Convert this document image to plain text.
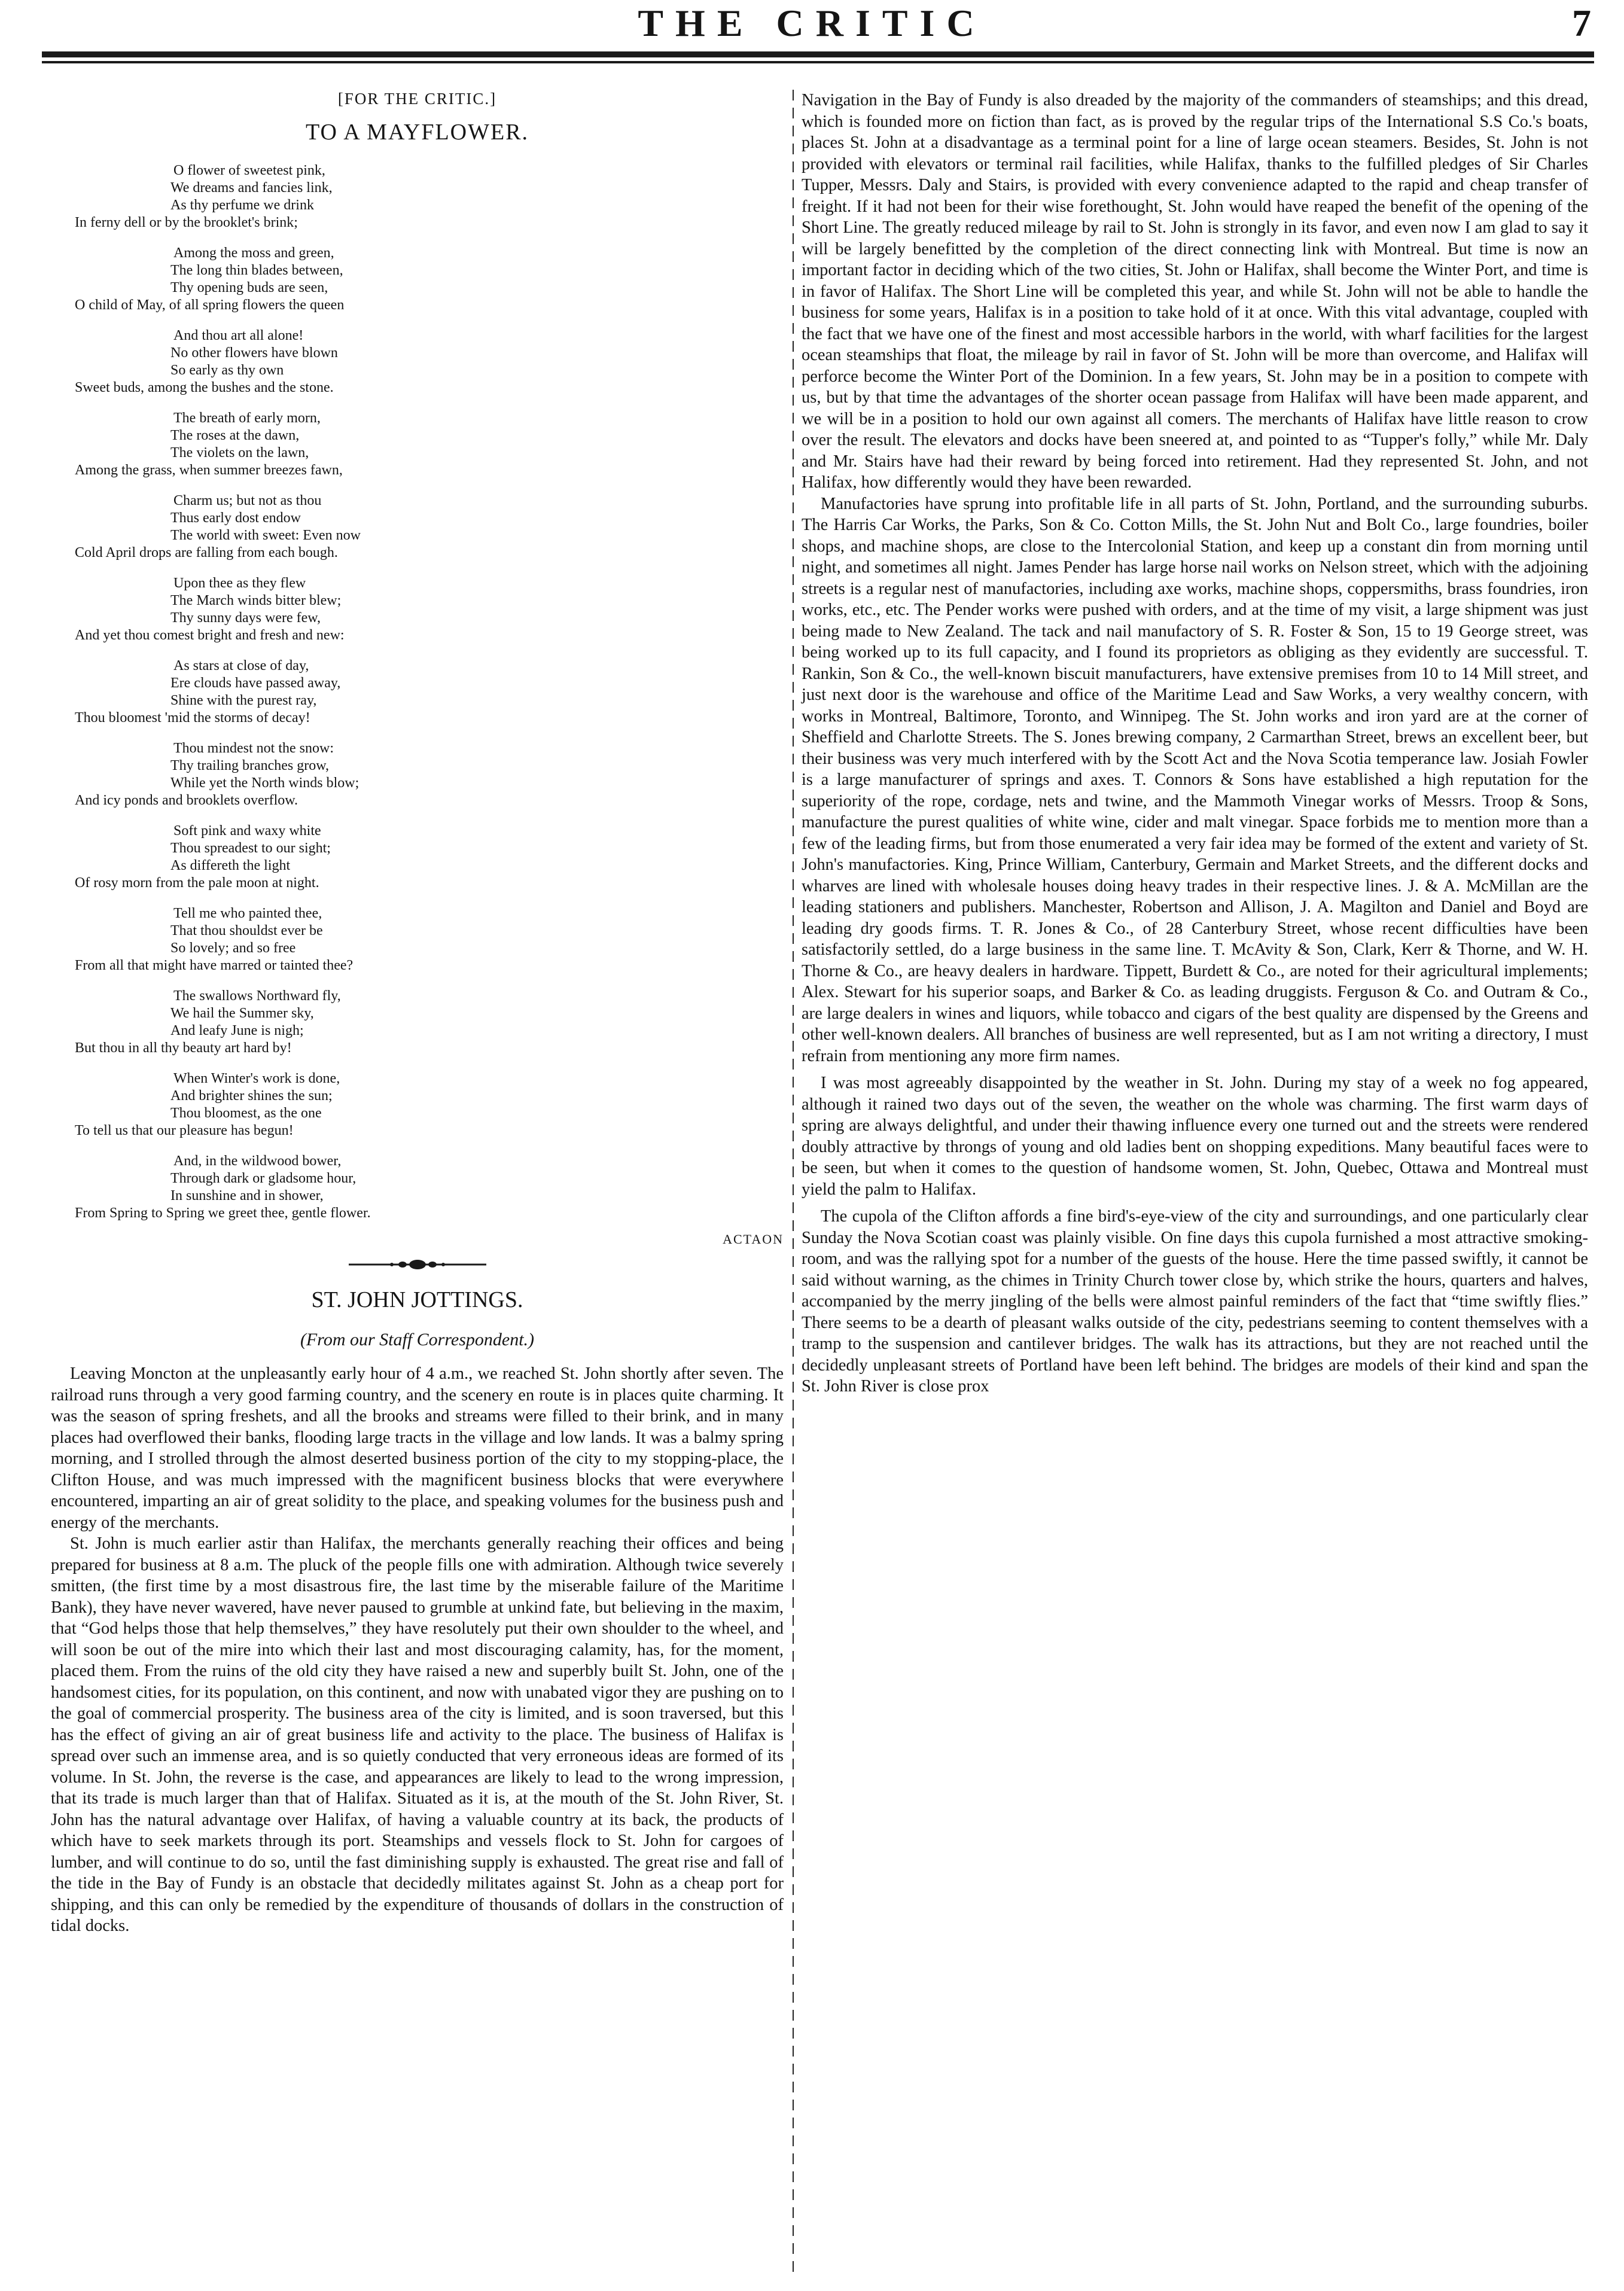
THE CRITIC	7
[FOR THE CRITIC.]
TO A MAYFLOWER.
O flower of sweetest pink,
We dreams and fancies link,
As thy perfume we drink
In ferny dell or by the brooklet's brink;
Among the moss and green,
The long thin blades between,
Thy opening buds are seen,
O child of May, of all spring flowers the queen
And thou art all alone!
No other flowers have blown
So early as thy own
Sweet buds, among the bushes and the stone.
The breath of early morn,
The roses at the dawn,
The violets on the lawn,
Among the grass, when summer breezes fawn,
Charm us; but not as thou
Thus early dost endow
The world with sweet: Even now
Cold April drops are falling from each bough.
Upon thee as they flew
The March winds bitter blew;
Thy sunny days were few,
And yet thou comest bright and fresh and new:
As stars at close of day,
Ere clouds have passed away,
Shine with the purest ray,
Thou bloomest 'mid the storms of decay!
Thou mindest not the snow:
Thy trailing branches grow,
While yet the North winds blow;
And icy ponds and brooklets overflow.
Soft pink and waxy white
Thou spreadest to our sight;
As differeth the light
Of rosy morn from the pale moon at night.
Tell me who painted thee,
That thou shouldst ever be
So lovely; and so free
From all that might have marred or tainted thee?
The swallows Northward fly,
We hail the Summer sky,
And leafy June is nigh;
But thou in all thy beauty art hard by!
When Winter's work is done,
And brighter shines the sun;
Thou bloomest, as the one
To tell us that our pleasure has begun!
And, in the wildwood bower,
Through dark or gladsome hour,
In sunshine and in shower,
From Spring to Spring we greet thee, gentle flower.
ACTAON
ST. JOHN JOTTINGS.
(From our Staff Correspondent.)

Leaving Moncton at the unpleasantly early hour of 4 a.m., we reached St. John shortly after seven. The railroad runs through a very good farming country, and the scenery en route is in places quite charming. It was the season of spring freshets, and all the brooks and streams were filled to their brink, and in many places had overflowed their banks, flooding large tracts in the village and low lands. It was a balmy spring morning, and I strolled through the almost deserted business portion of the city to my stopping-place, the Clifton House, and was much impressed with the magnificent business blocks that were everywhere encountered, imparting an air of great solidity to the place, and speaking volumes for the business push and energy of the merchants.

St. John is much earlier astir than Halifax, the merchants generally reaching their offices and being prepared for business at 8 a.m. The pluck of the people fills one with admiration. Although twice severely smitten, (the first time by a most disastrous fire, the last time by the miserable failure of the Maritime Bank), they have never wavered, have never paused to grumble at unkind fate, but believing in the maxim, that “God helps those that help themselves,” they have resolutely put their own shoulder to the wheel, and will soon be out of the mire into which their last and most discouraging calamity, has, for the moment, placed them. From the ruins of the old city they have raised a new and superbly built St. John, one of the handsomest cities, for its population, on this continent, and now with unabated vigor they are pushing on to the goal of commercial prosperity. The business area of the city is limited, and is soon traversed, but this has the effect of giving an air of great business life and activity to the place. The business of Halifax is spread over such an immense area, and is so quietly conducted that very erroneous ideas are formed of its volume. In St. John, the reverse is the case, and appearances are likely to lead to the wrong impression, that its trade is much larger than that of Halifax. Situated as it is, at the mouth of the St. John River, St. John has the natural advantage over Halifax, of having a valuable country at its back, the products of which have to seek markets through its port. Steamships and vessels flock to St. John for cargoes of lumber, and will continue to do so, until the fast diminishing supply is exhausted. The great rise and fall of the tide in the Bay of Fundy is an obstacle that decidedly militates against St. John as a cheap port for shipping, and this can only be remedied by the expenditure of thousands of dollars in the construction of tidal docks.

Navigation in the Bay of Fundy is also dreaded by the majority of the commanders of steamships; and this dread, which is founded more on fiction than fact, as is proved by the regular trips of the International S.S Co.'s boats, places St. John at a disadvantage as a terminal point for a line of large ocean steamers. Besides, St. John is not provided with elevators or terminal rail facilities, while Halifax, thanks to the fulfilled pledges of Sir Charles Tupper, Messrs. Daly and Stairs, is provided with every convenience adapted to the rapid and cheap transfer of freight. If it had not been for their wise forethought, St. John would have reaped the benefit of the opening of the Short Line. The greatly reduced mileage by rail to St. John is strongly in its favor, and even now I am glad to say it will be largely benefitted by the completion of the direct connecting link with Montreal. But time is now an important factor in deciding which of the two cities, St. John or Halifax, shall become the Winter Port, and time is in favor of Halifax. The Short Line will be completed this year, and while St. John will not be able to handle the business for some years, Halifax is in a position to take hold of it at once. With this vital advantage, coupled with the fact that we have one of the finest and most accessible harbors in the world, with wharf facilities for the largest ocean steamships that float, the mileage by rail in favor of St. John will be more than overcome, and Halifax will perforce become the Winter Port of the Dominion. In a few years, St. John may be in a position to compete with us, but by that time the advantages of the shorter ocean passage from Halifax will have been made apparent, and we will be in a position to hold our own against all comers. The merchants of Halifax have little reason to crow over the result. The elevators and docks have been sneered at, and pointed to as “Tupper's folly,” while Mr. Daly and Mr. Stairs have had their reward by being forced into retirement. Had they represented St. John, and not Halifax, how differently would they have been rewarded.

Manufactories have sprung into profitable life in all parts of St. John, Portland, and the surrounding suburbs. The Harris Car Works, the Parks, Son & Co. Cotton Mills, the St. John Nut and Bolt Co., large foundries, boiler shops, and machine shops, are close to the Intercolonial Station, and keep up a constant din from morning until night, and sometimes all night. James Pender has large horse nail works on Nelson street, which with the adjoining streets is a regular nest of manufactories, including axe works, machine shops, coppersmiths, brass foundries, iron works, etc., etc. The Pender works were pushed with orders, and at the time of my visit, a large shipment was just being made to New Zealand. The tack and nail manufactory of S. R. Foster & Son, 15 to 19 George street, was being worked up to its full capacity, and I found its proprietors as obliging as they evidently are successful. T. Rankin, Son & Co., the well-known biscuit manufacturers, have extensive premises from 10 to 14 Mill street, and just next door is the warehouse and office of the Maritime Lead and Saw Works, a very wealthy concern, with works in Montreal, Baltimore, Toronto, and Winnipeg. The St. John works and iron yard are at the corner of Sheffield and Charlotte Streets. The S. Jones brewing company, 2 Carmarthan Street, brews an excellent beer, but their business was very much interfered with by the Scott Act and the Nova Scotia temperance law. Josiah Fowler is a large manufacturer of springs and axes. T. Connors & Sons have established a high reputation for the superiority of the rope, cordage, nets and twine, and the Mammoth Vinegar works of Messrs. Troop & Sons, manufacture the purest qualities of white wine, cider and malt vinegar. Space forbids me to mention more than a few of the leading firms, but from those enumerated a very fair idea may be formed of the extent and variety of St. John's manufactories. King, Prince William, Canterbury, Germain and Market Streets, and the different docks and wharves are lined with wholesale houses doing heavy trades in their respective lines. J. & A. McMillan are the leading stationers and publishers. Manchester, Robertson and Allison, J. A. Magilton and Daniel and Boyd are leading dry goods firms. T. R. Jones & Co., of 28 Canterbury Street, whose recent difficulties have been satisfactorily settled, do a large business in the same line. T. McAvity & Son, Clark, Kerr & Thorne, and W. H. Thorne & Co., are heavy dealers in hardware. Tippett, Burdett & Co., are noted for their agricultural implements; Alex. Stewart for his superior soaps, and Barker & Co. as leading druggists. Ferguson & Co. and Outram & Co., are large dealers in wines and liquors, while tobacco and cigars of the best quality are dispensed by the Greens and other well-known dealers. All branches of business are well represented, but as I am not writing a directory, I must refrain from mentioning any more firm names.

I was most agreeably disappointed by the weather in St. John. During my stay of a week no fog appeared, although it rained two days out of the seven, the weather on the whole was charming. The first warm days of spring are always delightful, and under their thawing influence every one turned out and the streets were rendered doubly attractive by throngs of young and old ladies bent on shopping expeditions. Many beautiful faces were to be seen, but when it comes to the question of handsome women, St. John, Quebec, Ottawa and Montreal must yield the palm to Halifax.

The cupola of the Clifton affords a fine bird's-eye-view of the city and surroundings, and one particularly clear Sunday the Nova Scotian coast was plainly visible. On fine days this cupola furnished a most attractive smoking-room, and was the rallying spot for a number of the guests of the house. Here the time passed swiftly, it cannot be said without warning, as the chimes in Trinity Church tower close by, which strike the hours, quarters and halves, accompanied by the merry jingling of the bells were almost painful reminders of the fact that “time swiftly flies.” There seems to be a dearth of pleasant walks outside of the city, pedestrians seeming to content themselves with a tramp to the suspension and cantilever bridges. The walk has its attractions, but they are not reached until the decidedly unpleasant streets of Portland have been left behind. The bridges are models of their kind and span the St. John River is close prox
